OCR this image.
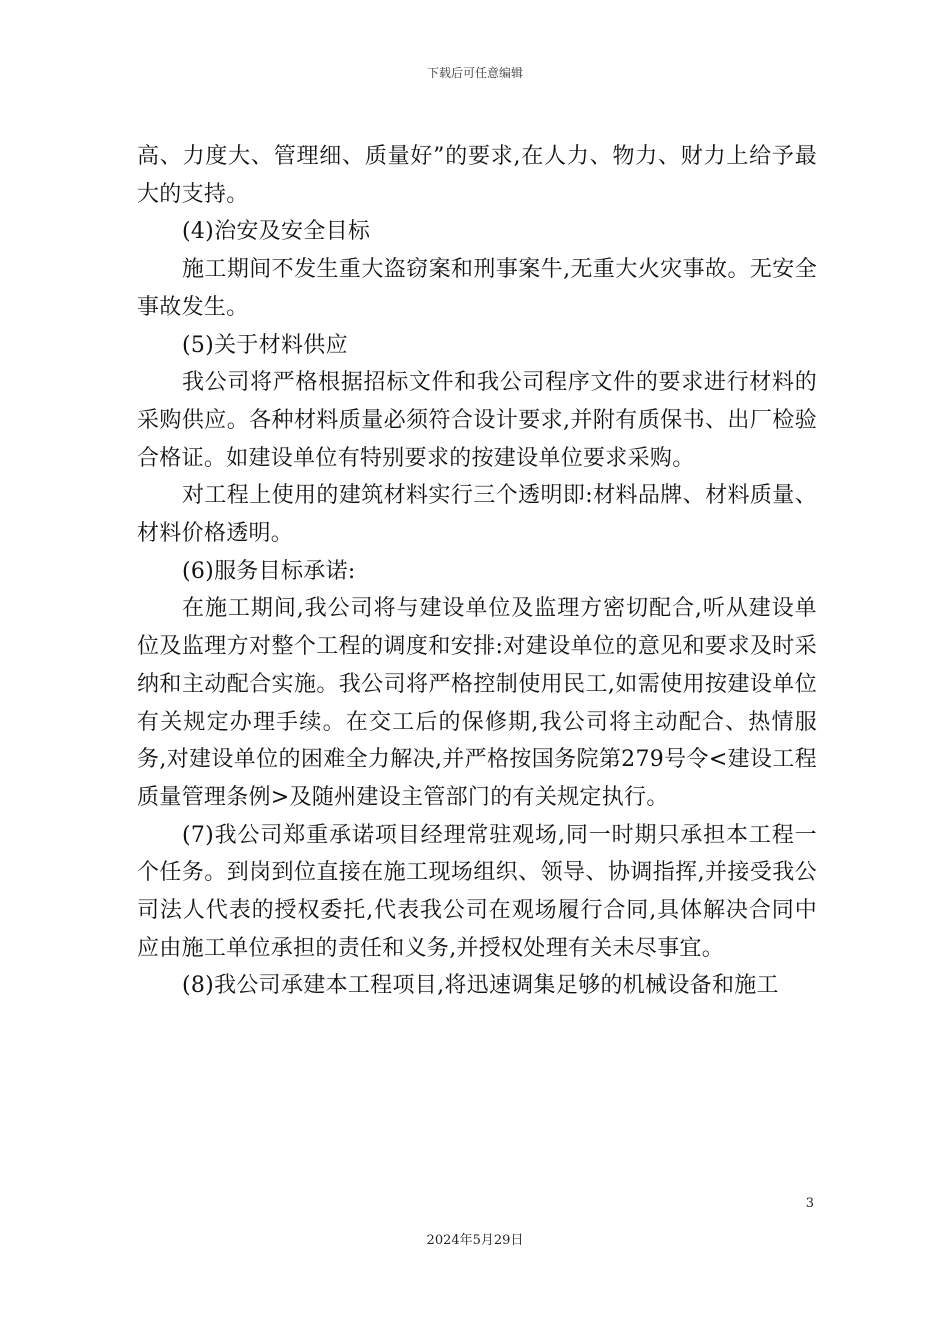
下载后可任意编辑

高、力度大、管理细、质量好”的要求,在人力、物力、财力上给予最大的支持。

(4)治安及安全目标

施工期间不发生重大盗窃案和刑事案牛,无重大火灾事故。无安全事故发生。

(5)关于材料供应

我公司将严格根据招标文件和我公司程序文件的要求进行材料的采购供应。各种材料质量必须符合设计要求,并附有质保书、出厂检验合格证。如建设单位有特别要求的按建设单位要求采购。

对工程上使用的建筑材料实行三个透明即:材料品牌、材料质量、材料价格透明。

(6)服务目标承诺:

在施工期间,我公司将与建设单位及监理方密切配合,听从建设单位及监理方对整个工程的调度和安排:对建设单位的意见和要求及时采纳和主动配合实施。我公司将严格控制使用民工,如需使用按建设单位有关规定办理手续。在交工后的保修期,我公司将主动配合、热情服务,对建设单位的困难全力解决,并严格按国务院第279号令<建设工程质量管理条例>及随州建设主管部门的有关规定执行。

(7)我公司郑重承诺项目经理常驻观场,同一时期只承担本工程一个任务。到岗到位直接在施工现场组织、领导、协调指挥,并接受我公司法人代表的授权委托,代表我公司在观场履行合同,具体解决合同中应由施工单位承担的责任和义务,并授权处理有关未尽事宜。

(8)我公司承建本工程项目,将迅速调集足够的机械设备和施工

3
2024年5月29日
